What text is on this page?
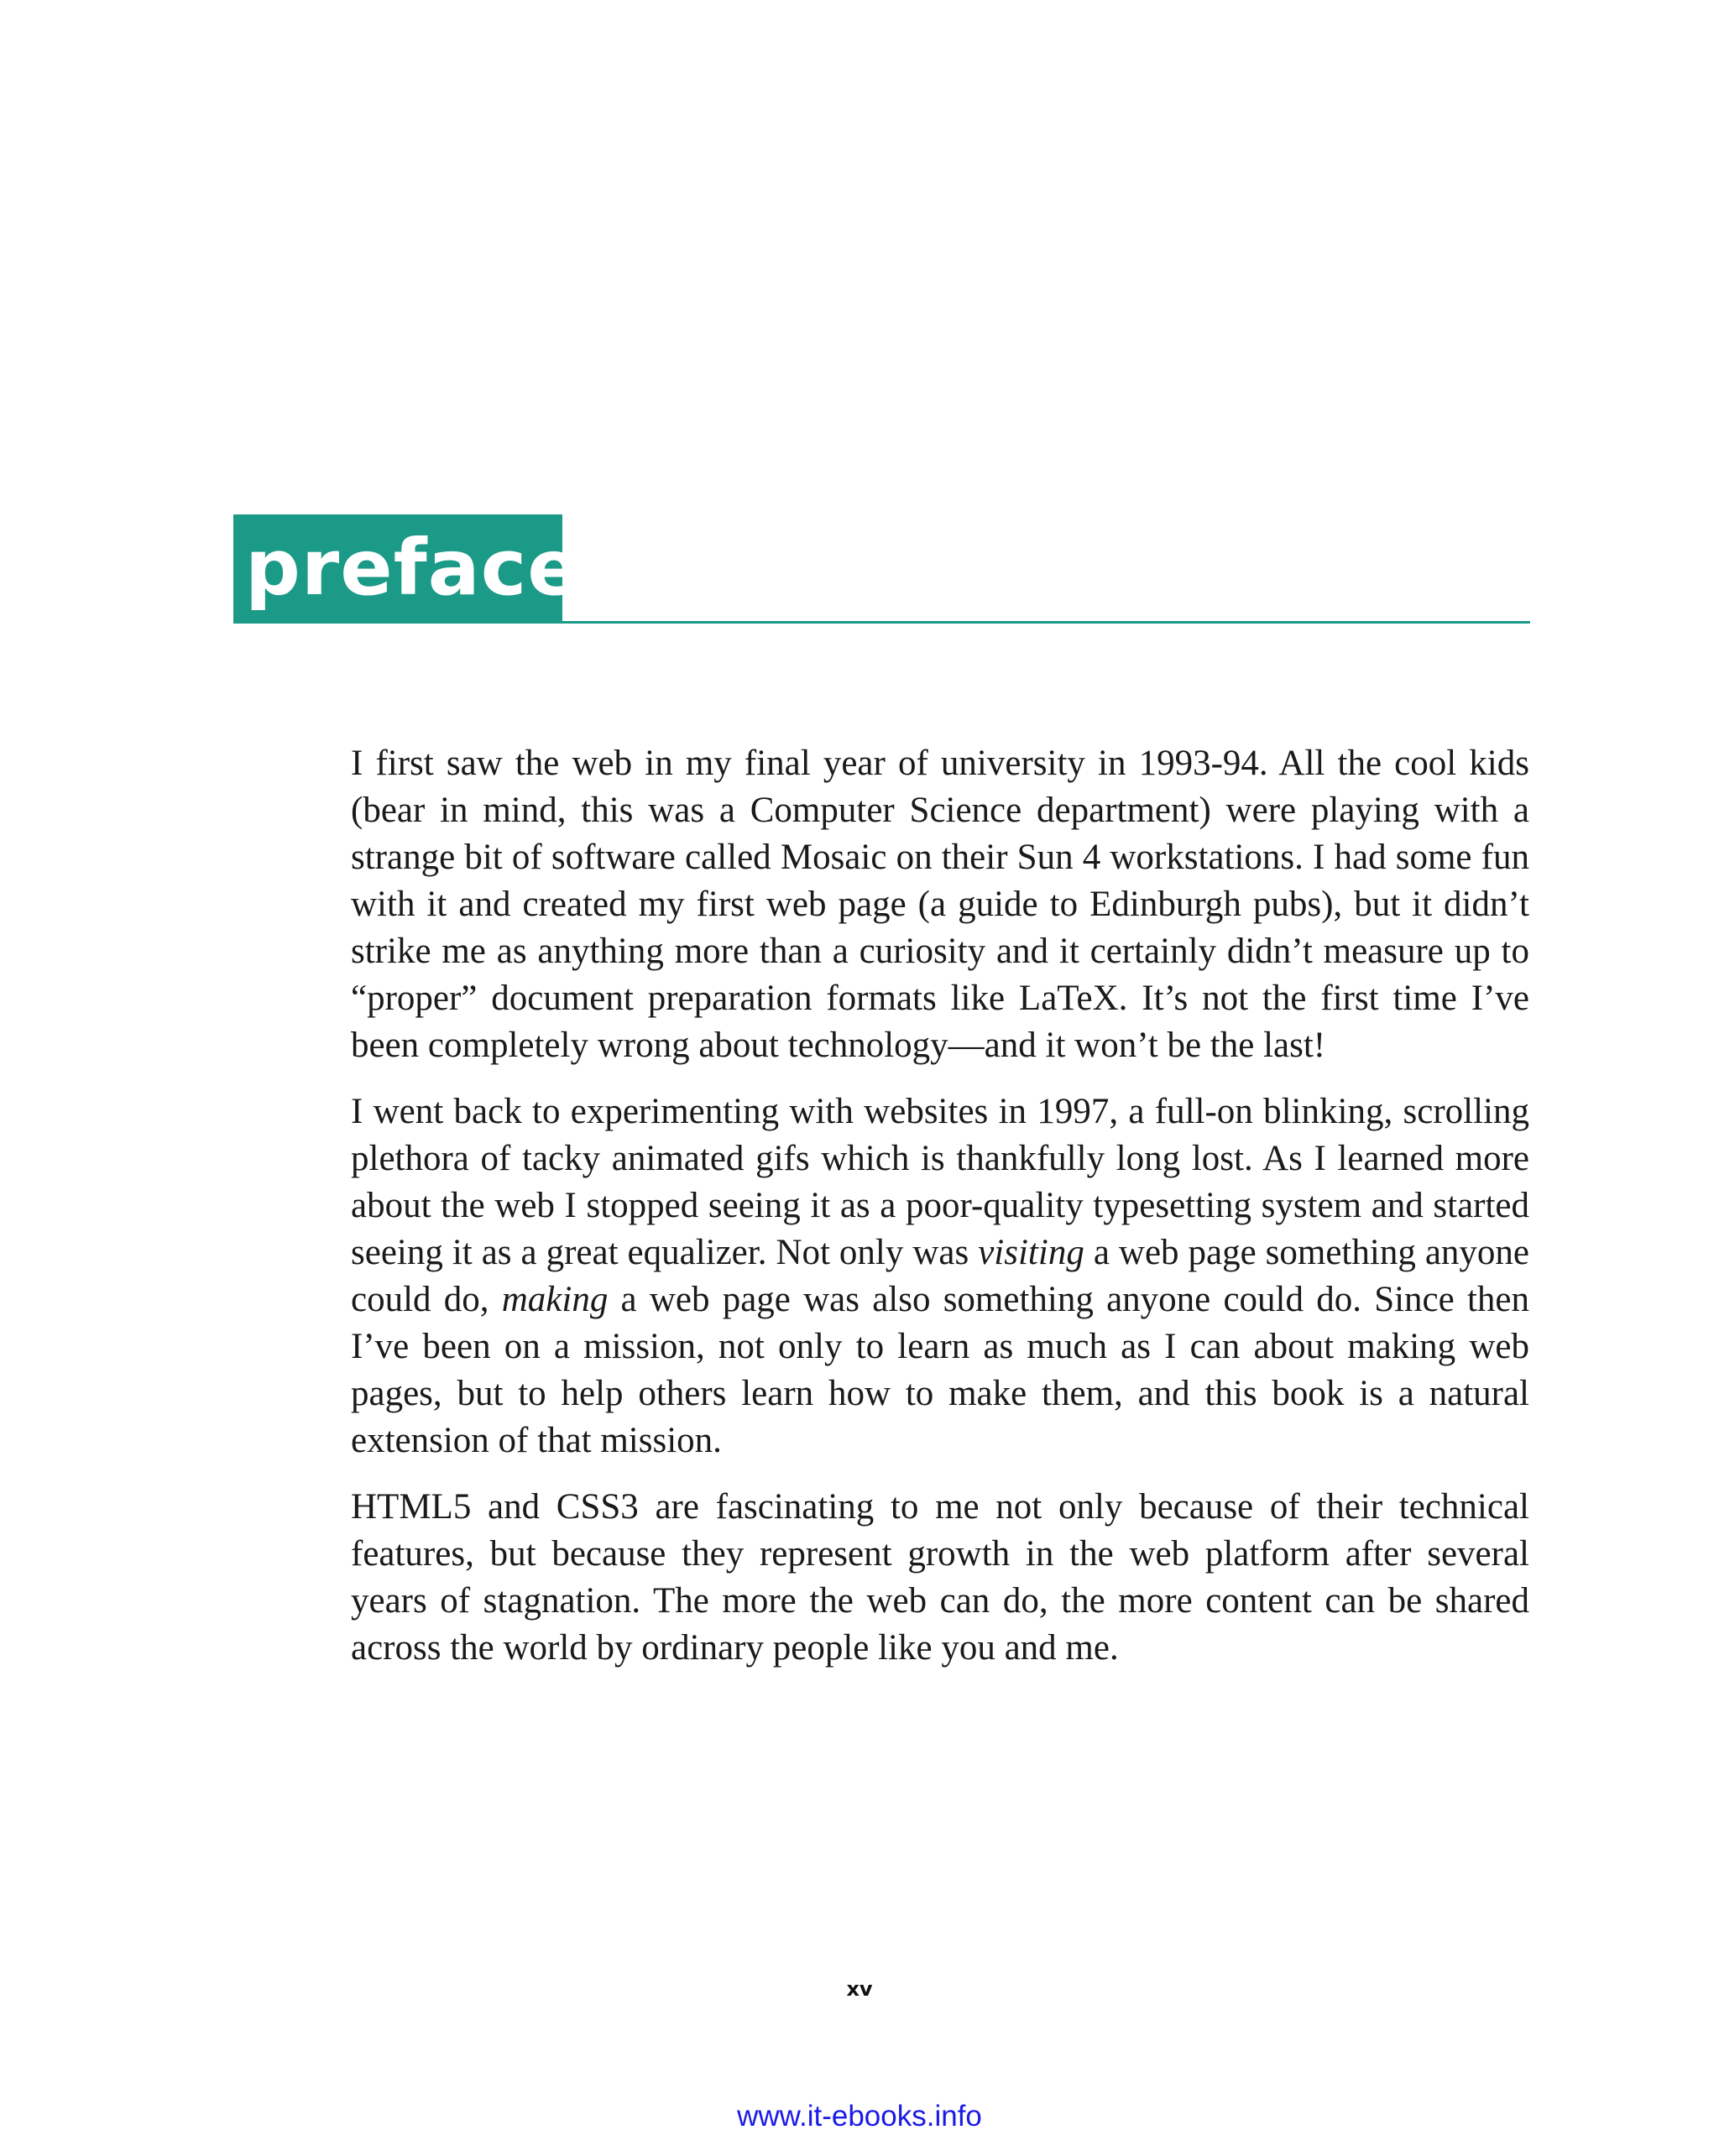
preface

I first saw the web in my final year of university in 1993-94. All the cool kids (bear in mind, this was a Computer Science department) were playing with a strange bit of software called Mosaic on their Sun 4 workstations. I had some fun with it and created my first web page (a guide to Edinburgh pubs), but it didn’t strike me as anything more than a curiosity and it certainly didn’t measure up to “proper” document preparation formats like LaTeX. It’s not the first time I’ve been completely wrong about technology—and it won’t be the last!

I went back to experimenting with websites in 1997, a full-on blinking, scrolling plethora of tacky animated gifs which is thankfully long lost. As I learned more about the web I stopped seeing it as a poor-quality typesetting system and started seeing it as a great equalizer. Not only was visiting a web page something anyone could do, making a web page was also something anyone could do. Since then I’ve been on a mission, not only to learn as much as I can about making web pages, but to help others learn how to make them, and this book is a natural extension of that mission.

HTML5 and CSS3 are fascinating to me not only because of their technical features, but because they represent growth in the web platform after several years of stagnation. The more the web can do, the more content can be shared across the world by ordinary people like you and me.

xv
www.it-ebooks.info
